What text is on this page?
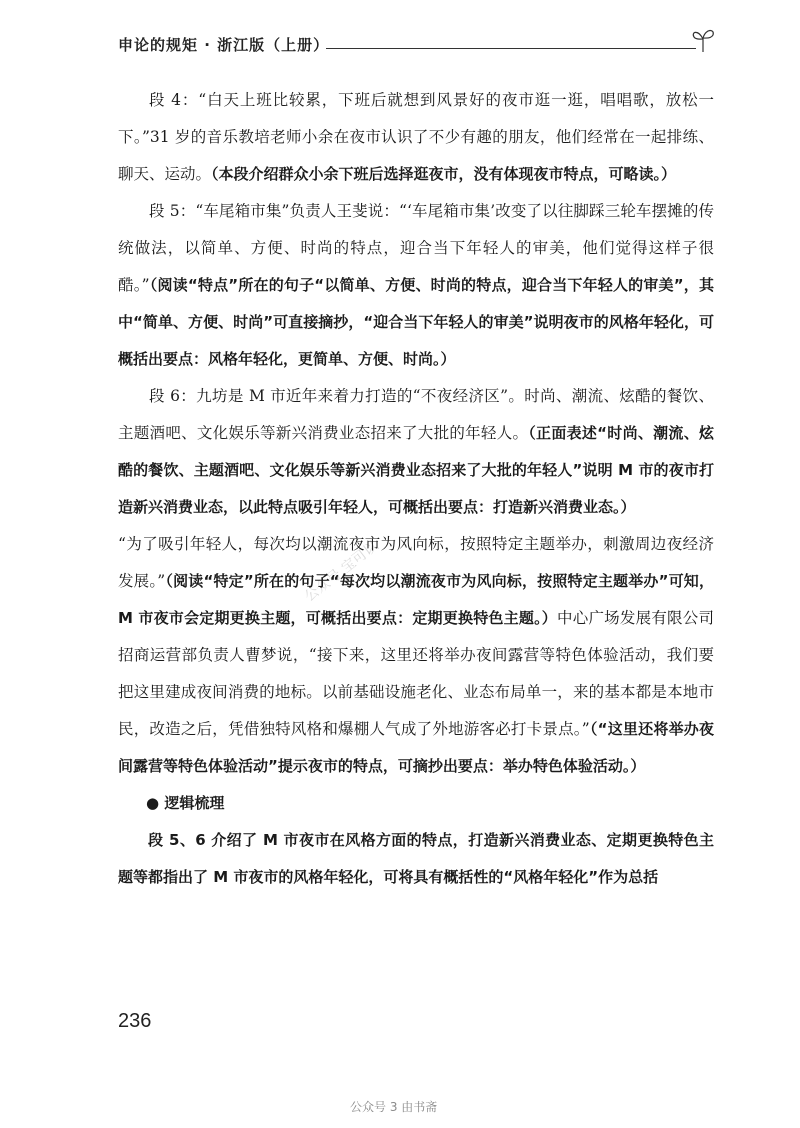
申论的规矩 · 浙江版（上册）
公众号 宝可以

段 4：“白天上班比较累，下班后就想到风景好的夜市逛一逛，唱唱歌，放松一下。”31 岁的音乐教培老师小余在夜市认识了不少有趣的朋友，他们经常在一起排练、聊天、运动。（本段介绍群众小余下班后选择逛夜市，没有体现夜市特点，可略读。）

段 5：“车尾箱市集”负责人王斐说：“‘车尾箱市集’改变了以往脚踩三轮车摆摊的传统做法，以简单、方便、时尚的特点，迎合当下年轻人的审美，他们觉得这样子很酷。”（阅读“特点”所在的句子“以简单、方便、时尚的特点，迎合当下年轻人的审美”，其中“简单、方便、时尚”可直接摘抄，“迎合当下年轻人的审美”说明夜市的风格年轻化，可概括出要点：风格年轻化，更简单、方便、时尚。）

段 6：九坊是 M 市近年来着力打造的“不夜经济区”。时尚、潮流、炫酷的餐饮、主题酒吧、文化娱乐等新兴消费业态招来了大批的年轻人。（正面表述“时尚、潮流、炫酷的餐饮、主题酒吧、文化娱乐等新兴消费业态招来了大批的年轻人”说明 M 市的夜市打造新兴消费业态，以此特点吸引年轻人，可概括出要点：打造新兴消费业态。）

“为了吸引年轻人，每次均以潮流夜市为风向标，按照特定主题举办，刺激周边夜经济发展。”（阅读“特定”所在的句子“每次均以潮流夜市为风向标，按照特定主题举办”可知，M 市夜市会定期更换主题，可概括出要点：定期更换特色主题。）中心广场发展有限公司招商运营部负责人曹梦说，“接下来，这里还将举办夜间露营等特色体验活动，我们要把这里建成夜间消费的地标。以前基础设施老化、业态布局单一，来的基本都是本地市民，改造之后，凭借独特风格和爆棚人气成了外地游客必打卡景点。”（“这里还将举办夜间露营等特色体验活动”提示夜市的特点，可摘抄出要点：举办特色体验活动。）

● 逻辑梳理

段 5、6 介绍了 M 市夜市在风格方面的特点，打造新兴消费业态、定期更换特色主题等都指出了 M 市夜市的风格年轻化，可将具有概括性的“风格年轻化”作为总括

236
公众号 3 由书斋
